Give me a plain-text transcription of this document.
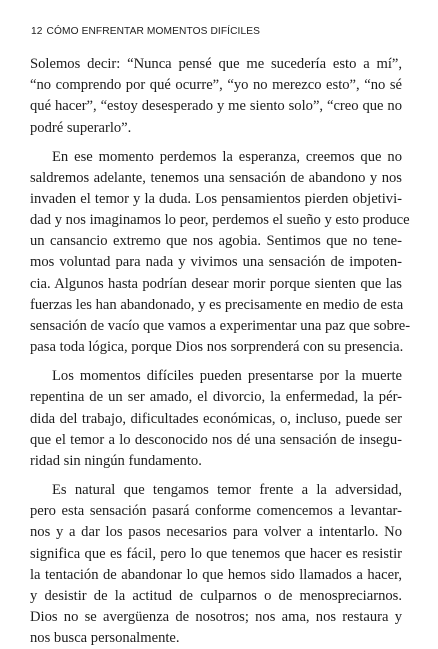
12 CÓMO ENFRENTAR MOMENTOS DIFÍCILES
Solemos decir: “Nunca pensé que me sucedería esto a mí”,
“no comprendo por qué ocurre”, “yo no merezco esto”, “no sé
qué hacer”, “estoy desesperado y me siento solo”, “creo que no
podré superarlo”.
En ese momento perdemos la esperanza, creemos que no
saldremos adelante, tenemos una sensación de abandono y nos
invaden el temor y la duda. Los pensamientos pierden objetivi-
dad y nos imaginamos lo peor, perdemos el sueño y esto produce
un cansancio extremo que nos agobia. Sentimos que no tene-
mos voluntad para nada y vivimos una sensación de impoten-
cia. Algunos hasta podrían desear morir porque sienten que las
fuerzas les han abandonado, y es precisamente en medio de esta
sensación de vacío que vamos a experimentar una paz que sobre-
pasa toda lógica, porque Dios nos sorprenderá con su presencia.
Los momentos difíciles pueden presentarse por la muerte
repentina de un ser amado, el divorcio, la enfermedad, la pér-
dida del trabajo, dificultades económicas, o, incluso, puede ser
que el temor a lo desconocido nos dé una sensación de insegu-
ridad sin ningún fundamento.
Es natural que tengamos temor frente a la adversidad,
pero esta sensación pasará conforme comencemos a levantar-
nos y a dar los pasos necesarios para volver a intentarlo. No
significa que es fácil, pero lo que tenemos que hacer es resistir
la tentación de abandonar lo que hemos sido llamados a hacer,
y desistir de la actitud de culparnos o de menospreciarnos.
Dios no se avergüenza de nosotros; nos ama, nos restaura y
nos busca personalmente.
